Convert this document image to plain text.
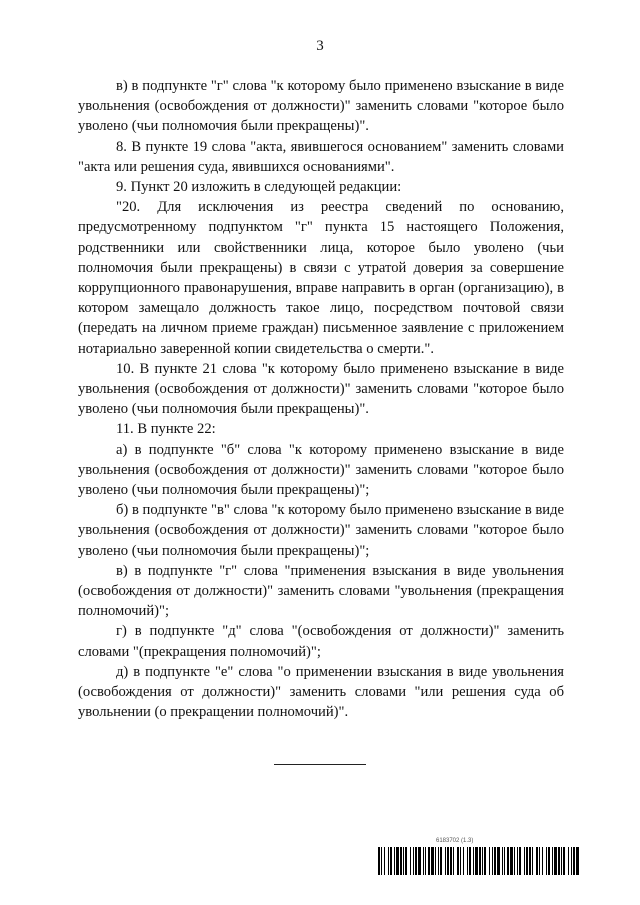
3

в) в подпункте "г" слова "к которому было применено взыскание в виде увольнения (освобождения от должности)" заменить словами "которое было уволено (чьи полномочия были прекращены)".

8. В пункте 19 слова "акта, явившегося основанием" заменить словами "акта или решения суда, явившихся основаниями".

9. Пункт 20 изложить в следующей редакции:

"20. Для исключения из реестра сведений по основанию, предусмотренному подпунктом "г" пункта 15 настоящего Положения, родственники или свойственники лица, которое было уволено (чьи полномочия были прекращены) в связи с утратой доверия за совершение коррупционного правонарушения, вправе направить в орган (организацию), в котором замещало должность такое лицо, посредством почтовой связи (передать на личном приеме граждан) письменное заявление с приложением нотариально заверенной копии свидетельства о смерти.".

10. В пункте 21 слова "к которому было применено взыскание в виде увольнения (освобождения от должности)" заменить словами "которое было уволено (чьи полномочия были прекращены)".

11. В пункте 22:

а) в подпункте "б" слова "к которому применено взыскание в виде увольнения (освобождения от должности)" заменить словами "которое было уволено (чьи полномочия были прекращены)";

б) в подпункте "в" слова "к которому было применено взыскание в виде увольнения (освобождения от должности)" заменить словами "которое было уволено (чьи полномочия были прекращены)";

в) в подпункте "г" слова "применения взыскания в виде увольнения (освобождения от должности)" заменить словами "увольнения (прекращения полномочий)";

г) в подпункте "д" слова "(освобождения от должности)" заменить словами "(прекращения полномочий)";

д) в подпункте "е" слова "о применении взыскания в виде увольнения (освобождения от должности)" заменить словами "или решения суда об увольнении (о прекращении полномочий)".

6183702 (1.3)
